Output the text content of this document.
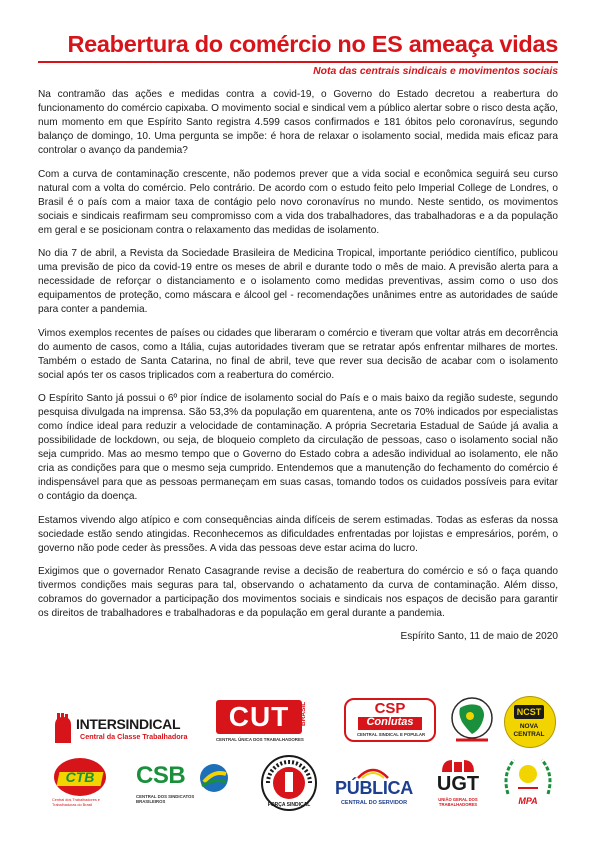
Reabertura do comércio no ES ameaça vidas
Nota das centrais sindicais e movimentos sociais

Na contramão das ações e medidas contra a covid-19, o Governo do Estado decretou a reabertura do funcionamento do comércio capixaba. O movimento social e sindical vem a público alertar sobre o risco desta ação, num momento em que Espírito Santo registra 4.599 casos confirmados e 181 óbitos pelo coronavírus, segundo balanço de domingo, 10. Uma pergunta se impõe: é hora de relaxar o isolamento social, medida mais eficaz para controlar o avanço da pandemia?

Com a curva de contaminação crescente, não podemos prever que a vida social e econômica seguirá seu curso natural com a volta do comércio. Pelo contrário. De acordo com o estudo feito pelo Imperial College de Londres, o Brasil é o país com a maior taxa de contágio pelo novo coronavírus no mundo. Neste sentido, os movimentos sociais e sindicais reafirmam seu compromisso com a vida dos trabalhadores, das trabalhadoras e a da população em geral e se posicionam contra o relaxamento das medidas de isolamento.

No dia 7 de abril, a Revista da Sociedade Brasileira de Medicina Tropical, importante periódico científico, publicou uma previsão de pico da covid-19 entre os meses de abril e durante todo o mês de maio. A previsão alerta para a necessidade de reforçar o distanciamento e o isolamento como medidas preventivas, assim como o uso dos equipamentos de proteção, como máscara e álcool gel - recomendações unânimes entre as autoridades de saúde para conter a pandemia.

Vimos exemplos recentes de países ou cidades que liberaram o comércio e tiveram que voltar atrás em decorrência do aumento de casos, como a Itália, cujas autoridades tiveram que se retratar após enfrentar milhares de mortes. Também o estado de Santa Catarina, no final de abril, teve que rever sua decisão de acabar com o isolamento social após ter os casos triplicados com a reabertura do comércio.

O Espírito Santo já possui o 6º pior índice de isolamento social do País e o mais baixo da região sudeste, segundo pesquisa divulgada na imprensa. São 53,3% da população em quarentena, ante os 70% indicados por especialistas como índice ideal para reduzir a velocidade de contaminação. A própria Secretaria Estadual de Saúde já avalia a possibilidade de lockdown, ou seja, de bloqueio completo da circulação de pessoas, caso o isolamento social não seja cumprido. Mas ao mesmo tempo que o Governo do Estado cobra a adesão individual ao isolamento, ele não cria as condições para que o mesmo seja cumprido. Entendemos que a manutenção do fechamento do comércio é indispensável para que as pessoas permaneçam em suas casas, tomando todos os cuidados possíveis para evitar o contágio da doença.

Estamos vivendo algo atípico e com consequências ainda difíceis de serem estimadas. Todas as esferas da nossa sociedade estão sendo atingidas. Reconhecemos as dificuldades enfrentadas por lojistas e empresários, porém, o governo não pode ceder às pressões. A vida das pessoas deve estar acima do lucro.

Exigimos que o governador Renato Casagrande revise a decisão de reabertura do comércio e só o faça quando tivermos condições mais seguras para tal, observando o achatamento da curva de contaminação. Além disso, cobramos do governador a participação dos movimentos sociais e sindicais nos espaços de decisão para garantir os direitos de trabalhadores e trabalhadoras e da população em geral durante a pandemia.

Espírito Santo, 11 de maio de 2020
INTERSINDICAL
Central da Classe Trabalhadora
CUT	BRASIL
CENTRAL ÚNICA DOS TRABALHADORES
CSP
Conlutas
CENTRAL SINDICAL E POPULAR
NCST
NOVA CENTRAL
CTB
Central dos Trabalhadores e Trabalhadoras do Brasil
CSB
CENTRAL DOS SINDICATOS BRASILEIROS
FORÇA SINDICAL
PÚBLICA
CENTRAL DO SERVIDOR
UGT
UNIÃO GERAL DOS TRABALHADORES	MPA
